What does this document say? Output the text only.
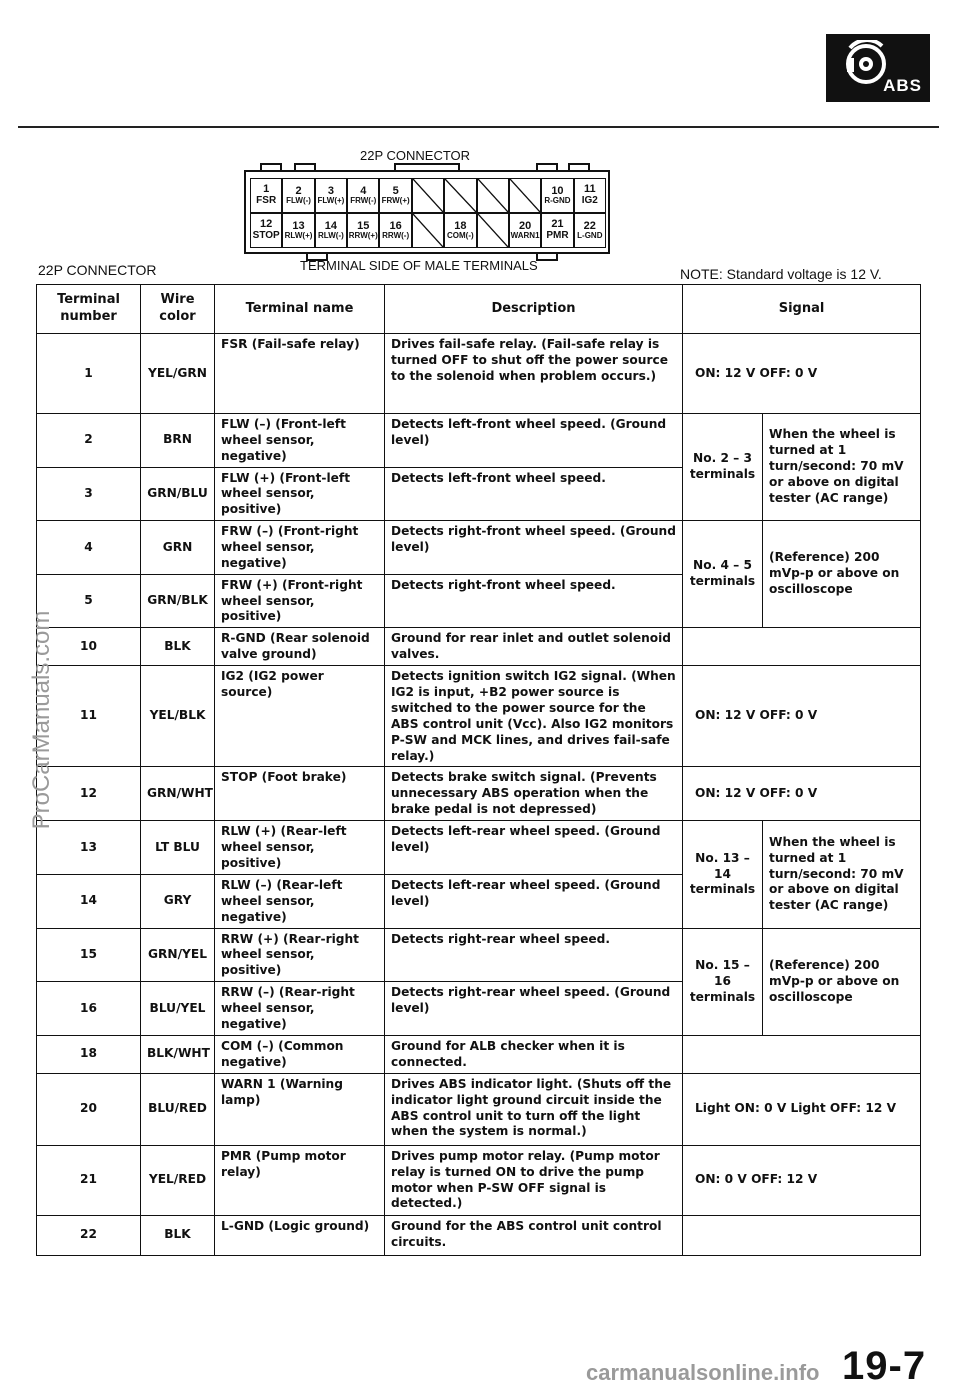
ABS
22P CONNECTOR
1
FSR
2
FLW(-)
3
FLW(+)
4
FRW(-)
5
FRW(+)
10
R-GND
11
IG2
12
STOP
13
RLW(+)
14
RLW(-)
15
RRW(+)
16
RRW(-)
18
COM(-)
20
WARN1
21
PMR
22
L-GND
TERMINAL SIDE OF MALE TERMINALS
22P CONNECTOR	NOTE: Standard voltage is 12 V.
Terminal number	Wire color	Terminal name	Description	Signal	
1	YEL/GRN	FSR (Fail-safe relay)	Drives fail-safe relay. (Fail-safe relay is turned OFF to shut off the power source to the solenoid when problem occurs.)	ON: 12 V OFF: 0 V	
2	BRN	FLW (–) (Front-left wheel sensor, negative)	Detects left-front wheel speed. (Ground level)	No. 2 – 3 terminals	When the wheel is turned at 1 turn/second: 70 mV or above on digital tester (AC range)
3	GRN/BLU	FLW (+) (Front-left wheel sensor, positive)	Detects left-front wheel speed.		
4	GRN	FRW (–) (Front-right wheel sensor, negative)	Detects right-front wheel speed. (Ground level)	No. 4 – 5 terminals	(Reference) 200 mVp-p or above on oscilloscope
5	GRN/BLK	FRW (+) (Front-right wheel sensor, positive)	Detects right-front wheel speed.		
10	BLK	R-GND (Rear solenoid valve ground)	Ground for rear inlet and outlet solenoid valves.		
11	YEL/BLK	IG2 (IG2 power source)	Detects ignition switch IG2 signal. (When IG2 is input, +B2 power source is switched to the power source for the ABS control unit (Vcc). Also IG2 monitors P-SW and MCK lines, and drives fail-safe relay.)	ON: 12 V OFF: 0 V	
12	GRN/WHT	STOP (Foot brake)	Detects brake switch signal. (Prevents unnecessary ABS operation when the brake pedal is not depressed)	ON: 12 V OFF: 0 V	
13	LT BLU	RLW (+) (Rear-left wheel sensor, positive)	Detects left-rear wheel speed. (Ground level)	No. 13 – 14 terminals	When the wheel is turned at 1 turn/second: 70 mV or above on digital tester (AC range)
14	GRY	RLW (–) (Rear-left wheel sensor, negative)	Detects left-rear wheel speed. (Ground level)		
15	GRN/YEL	RRW (+) (Rear-right wheel sensor, positive)	Detects right-rear wheel speed.	No. 15 – 16 terminals	(Reference) 200 mVp-p or above on oscilloscope
16	BLU/YEL	RRW (–) (Rear-right wheel sensor, negative)	Detects right-rear wheel speed. (Ground level)		
18	BLK/WHT	COM (–) (Common negative)	Ground for ALB checker when it is connected.		
20	BLU/RED	WARN 1 (Warning lamp)	Drives ABS indicator light. (Shuts off the indicator light ground circuit inside the ABS control unit to turn off the light when the system is normal.)	Light ON: 0 V Light OFF: 12 V	
21	YEL/RED	PMR (Pump motor relay)	Drives pump motor relay. (Pump motor relay is turned ON to drive the pump motor when P-SW OFF signal is detected.)	ON: 0 V OFF: 12 V	
22	BLK	L-GND (Logic ground)	Ground for the ABS control unit control circuits.		
ProCarManuals.com
carmanualsonline.info 19-7
